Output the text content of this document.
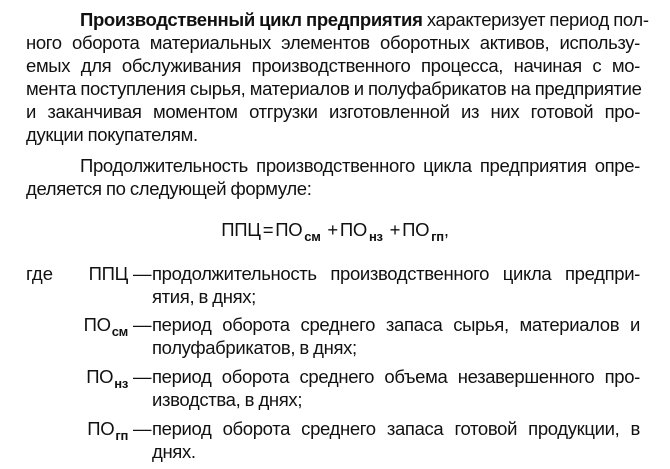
Производственный цикл предприятия характеризует период пол-
ного оборота материальных элементов оборотных активов, использу-
емых для обслуживания производственного процесса, начиная с мо-
мента поступления сырья, материалов и полуфабрикатов на предприятие
и заканчивая моментом отгрузки изготовленной из них готовой про-
дукции покупателям.
Продолжительность производственного цикла предприятия опре-
деляется по следующей формуле:
ППЦ = ПО $_{см}$ + ПО $_{нз}$ + ПО $_{гп}$,
где ППЦ — продолжительность производственного цикла предпри-
ятия, в днях;
$ПО_{см}$ — период оборота среднего запаса сырья, материалов и
полуфабрикатов, в днях;
$ПО_{нз}$ — период оборота среднего объема незавершенного про-
изводства, в днях;
$ПО_{гп}$ — период оборота среднего запаса готовой продукции, в
днях.
